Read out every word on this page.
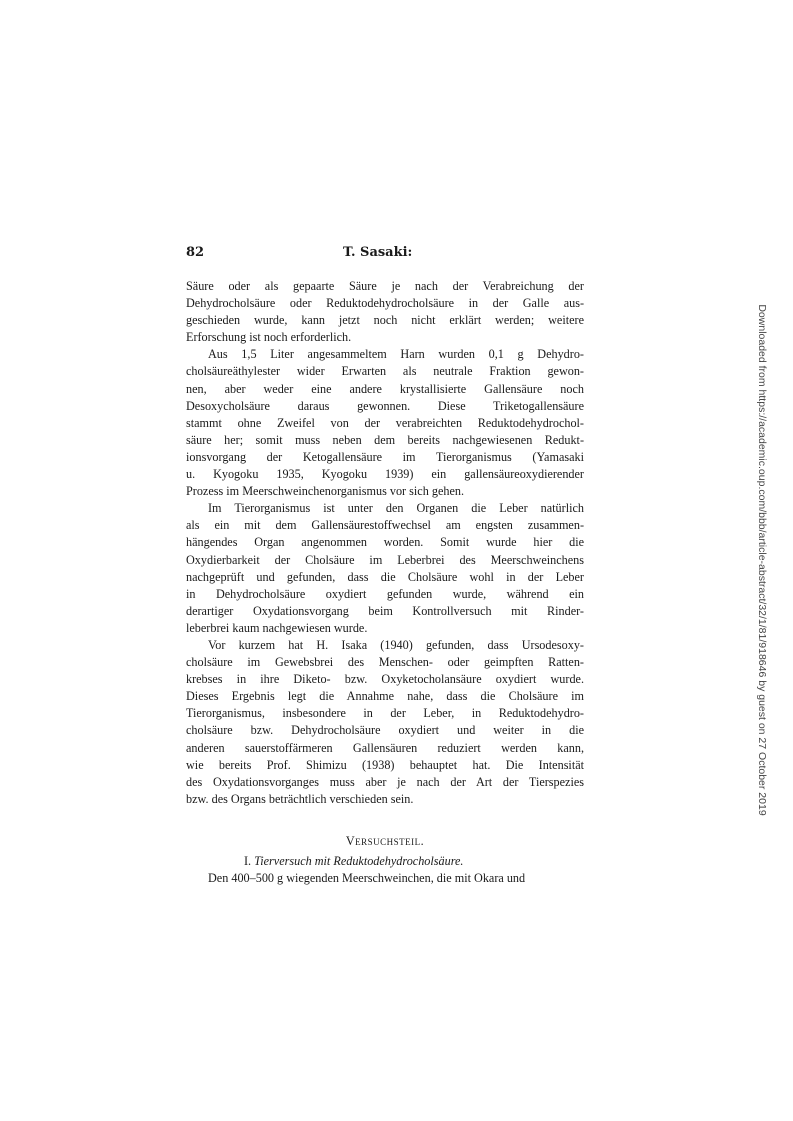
82	T. Sasaki:
Säure oder als gepaarte Säure je nach der Verabreichung der
Dehydrocholsäure oder Reduktodehydrocholsäure in der Galle aus-
geschieden wurde, kann jetzt noch nicht erklärt werden; weitere
Erforschung ist noch erforderlich.
Aus 1,5 Liter angesammeltem Harn wurden 0,1 g Dehydro-
cholsäureäthylester wider Erwarten als neutrale Fraktion gewon-
nen, aber weder eine andere krystallisierte Gallensäure noch
Desoxycholsäure daraus gewonnen. Diese Triketogallensäure
stammt ohne Zweifel von der verabreichten Reduktodehydrochol-
säure her; somit muss neben dem bereits nachgewiesenen Redukt-
ionsvorgang der Ketogallensäure im Tierorganismus (Yamasaki
u. Kyogoku 1935, Kyogoku 1939) ein gallensäureoxydierender
Prozess im Meerschweinchenorganismus vor sich gehen.
Im Tierorganismus ist unter den Organen die Leber natürlich
als ein mit dem Gallensäurestoffwechsel am engsten zusammen-
hängendes Organ angenommen worden. Somit wurde hier die
Oxydierbarkeit der Cholsäure im Leberbrei des Meerschweinchens
nachgeprüft und gefunden, dass die Cholsäure wohl in der Leber
in Dehydrocholsäure oxydiert gefunden wurde, während ein
derartiger Oxydationsvorgang beim Kontrollversuch mit Rinder-
leberbrei kaum nachgewiesen wurde.
Vor kurzem hat H. Isaka (1940) gefunden, dass Ursodesoxy-
cholsäure im Gewebsbrei des Menschen- oder geimpften Ratten-
krebses in ihre Diketo- bzw. Oxyketocholansäure oxydiert wurde.
Dieses Ergebnis legt die Annahme nahe, dass die Cholsäure im
Tierorganismus, insbesondere in der Leber, in Reduktodehydro-
cholsäure bzw. Dehydrocholsäure oxydiert und weiter in die
anderen sauerstoffärmeren Gallensäuren reduziert werden kann,
wie bereits Prof. Shimizu (1938) behauptet hat. Die Intensität
des Oxydationsvorganges muss aber je nach der Art der Tierspezies
bzw. des Organs beträchtlich verschieden sein.
Versuchsteil.
I. Tierversuch mit Reduktodehydrocholsäure.
Den 400–500 g wiegenden Meerschweinchen, die mit Okara und
Downloaded from https://academic.oup.com/bbb/article-abstract/32/1/81/918646 by guest on 27 October 2019
